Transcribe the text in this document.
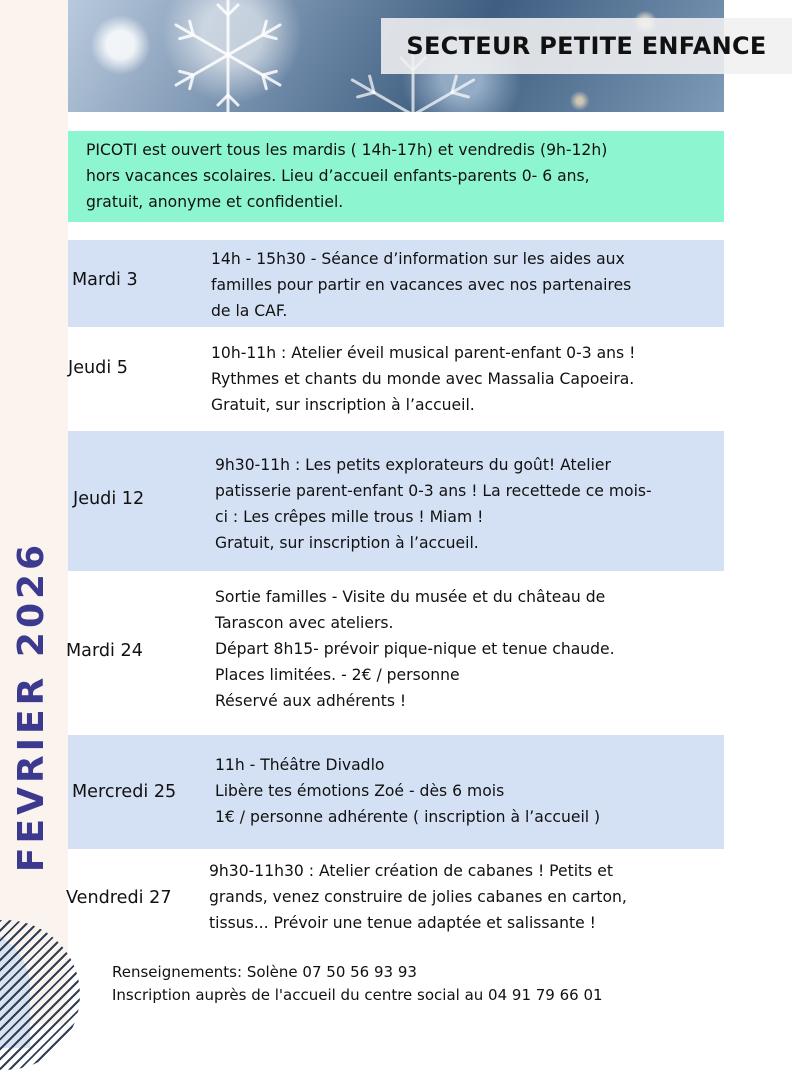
SECTEUR PETITE ENFANCE
PICOTI est ouvert tous les mardis ( 14h-17h) et vendredis (9h-12h)
hors vacances scolaires. Lieu d’accueil enfants-parents 0- 6 ans,
gratuit, anonyme et confidentiel.
FEVRIER 2026
Mardi 3

14h - 15h30 - Séance d’information sur les aides aux

familles pour partir en vacances avec nos partenaires

de la CAF.

Jeudi 5

10h-11h : Atelier éveil musical parent-enfant 0-3 ans !

Rythmes et chants du monde avec Massalia Capoeira.

Gratuit, sur inscription à l’accueil.

Jeudi 12

9h30-11h : Les petits explorateurs du goût! Atelier

patisserie parent-enfant 0-3 ans ! La recettede ce mois-

ci : Les crêpes mille trous ! Miam !

Gratuit, sur inscription à l’accueil.

Mardi 24

Sortie familles - Visite du musée et du château de

Tarascon avec ateliers.

Départ 8h15- prévoir pique-nique et tenue chaude.

Places limitées. - 2€ / personne

Réservé aux adhérents !

Mercredi 25

11h - Théâtre Divadlo

Libère tes émotions Zoé - dès 6 mois

1€ / personne adhérente ( inscription à l’accueil )

Vendredi 27

9h30-11h30 : Atelier création de cabanes ! Petits et

grands, venez construire de jolies cabanes en carton,

tissus... Prévoir une tenue adaptée et salissante !

Renseignements: Solène 07 50 56 93 93
Inscription auprès de l'accueil du centre social au 04 91 79 66 01
